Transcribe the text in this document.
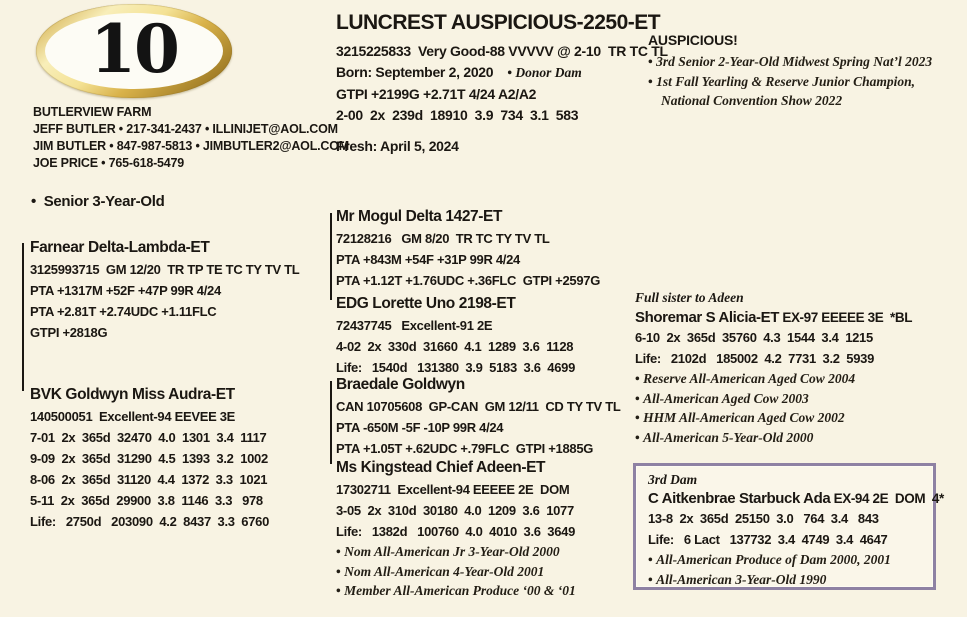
10
BUTLERVIEW FARM
JEFF BUTLER • 217-341-2437 • ILLINIJET@AOL.COM
JIM BUTLER • 847-987-5813 • JIMBUTLER2@AOL.COM
JOE PRICE • 765-618-5479
•  Senior 3-Year-Old
LUNCREST AUSPICIOUS-2250-ET
3215225833  Very Good-88 VVVVV @ 2-10  TR TC TL
Born: September 2, 2020 • Donor Dam
GTPI +2199G +2.71T 4/24 A2/A2
2-00  2x  239d  18910  3.9  734  3.1  583
Fresh: April 5, 2024
AUSPICIOUS!
• 3rd Senior 2-Year-Old Midwest Spring Nat’l 2023
• 1st Fall Yearling & Reserve Junior Champion, National Convention Show 2022
Farnear Delta-Lambda-ET
3125993715  GM 12/20  TR TP TE TC TY TV TL
PTA +1317M +52F +47P 99R 4/24
PTA +2.81T +2.74UDC +1.11FLC
GTPI +2818G
BVK Goldwyn Miss Audra-ET
140500051  Excellent-94 EEVEE 3E
7-01  2x  365d  32470  4.0  1301  3.4  1117
9-09  2x  365d  31290  4.5  1393  3.2  1002
8-06  2x  365d  31120  4.4  1372  3.3  1021
5-11  2x  365d  29900  3.8  1146  3.3   978
Life:   2750d   203090  4.2  8437  3.3  6760
Mr Mogul Delta 1427-ET
72128216   GM 8/20  TR TC TY TV TL
PTA +843M +54F +31P 99R 4/24
PTA +1.12T +1.76UDC +.36FLC  GTPI +2597G
EDG Lorette Uno 2198-ET
72437745   Excellent-91 2E
4-02  2x  330d  31660  4.1  1289  3.6  1128
Life:   1540d   131380  3.9  5183  3.6  4699
Braedale Goldwyn
CAN 10705608  GP-CAN  GM 12/11  CD TY TV TL
PTA -650M -5F -10P 99R 4/24
PTA +1.05T +.62UDC +.79FLC  GTPI +1885G
Ms Kingstead Chief Adeen-ET
17302711  Excellent-94 EEEEE 2E  DOM
3-05  2x  310d  30180  4.0  1209  3.6  1077
Life:   1382d   100760  4.0  4010  3.6  3649
• Nom All-American Jr 3-Year-Old 2000
• Nom All-American 4-Year-Old 2001
• Member All-American Produce ‘00 & ‘01
Full sister to Adeen
Shoremar S Alicia-ET EX-97 EEEEE 3E  *BL
6-10  2x  365d  35760  4.3  1544  3.4  1215
Life:   2102d   185002  4.2  7731  3.2  5939
• Reserve All-American Aged Cow 2004
• All-American Aged Cow 2003
• HHM All-American Aged Cow 2002
• All-American 5-Year-Old 2000
3rd Dam
C Aitkenbrae Starbuck Ada EX-94 2E  DOM  4*
13-8  2x  365d  25150  3.0   764  3.4   843
Life:   6 Lact   137732  3.4  4749  3.4  4647
• All-American Produce of Dam 2000, 2001
• All-American 3-Year-Old 1990
